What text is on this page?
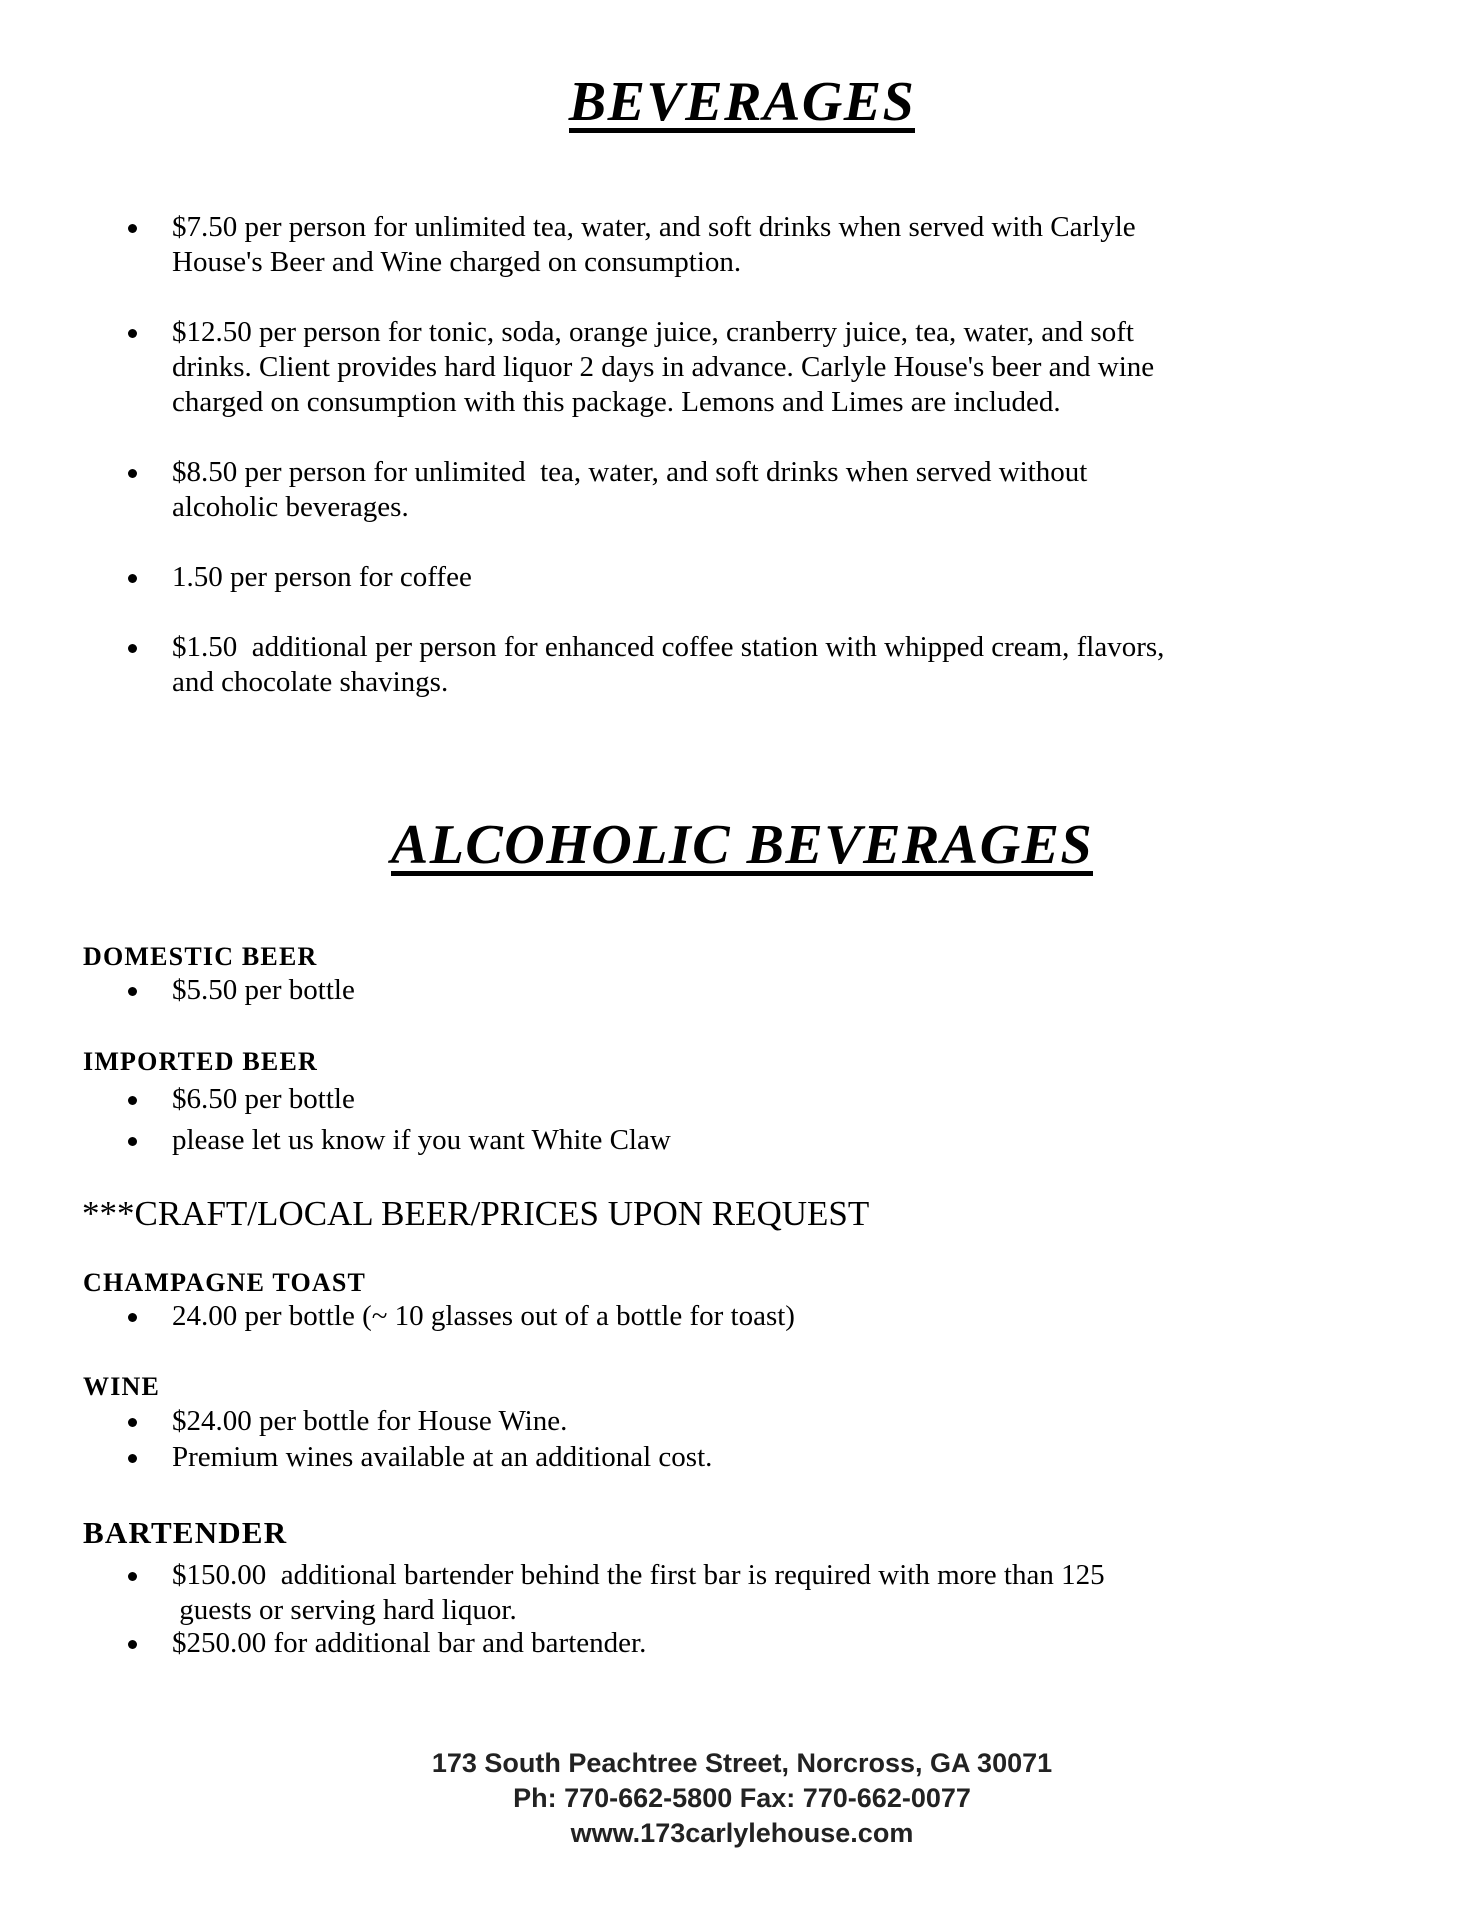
BEVERAGES
$7.50 per person for unlimited tea, water, and soft drinks when served with Carlyle
House's Beer and Wine charged on consumption.
$12.50 per person for tonic, soda, orange juice, cranberry juice, tea, water, and soft
drinks. Client provides hard liquor 2 days in advance. Carlyle House's beer and wine
charged on consumption with this package. Lemons and Limes are included.
$8.50 per person for unlimited  tea, water, and soft drinks when served without
alcoholic beverages.
1.50 per person for coffee
$1.50  additional per person for enhanced coffee station with whipped cream, flavors,
and chocolate shavings.
ALCOHOLIC BEVERAGES
DOMESTIC BEER
$5.50 per bottle
IMPORTED BEER
$6.50 per bottle
please let us know if you want White Claw
***CRAFT/LOCAL BEER/PRICES UPON REQUEST
CHAMPAGNE TOAST
24.00 per bottle (~ 10 glasses out of a bottle for toast)
WINE
$24.00 per bottle for House Wine.
Premium wines available at an additional cost.
BARTENDER
$150.00  additional bartender behind the first bar is required with more than 125
guests or serving hard liquor.
$250.00 for additional bar and bartender.
173 South Peachtree Street, Norcross, GA 30071
Ph: 770-662-5800 Fax: 770-662-0077
www.173carlylehouse.com
